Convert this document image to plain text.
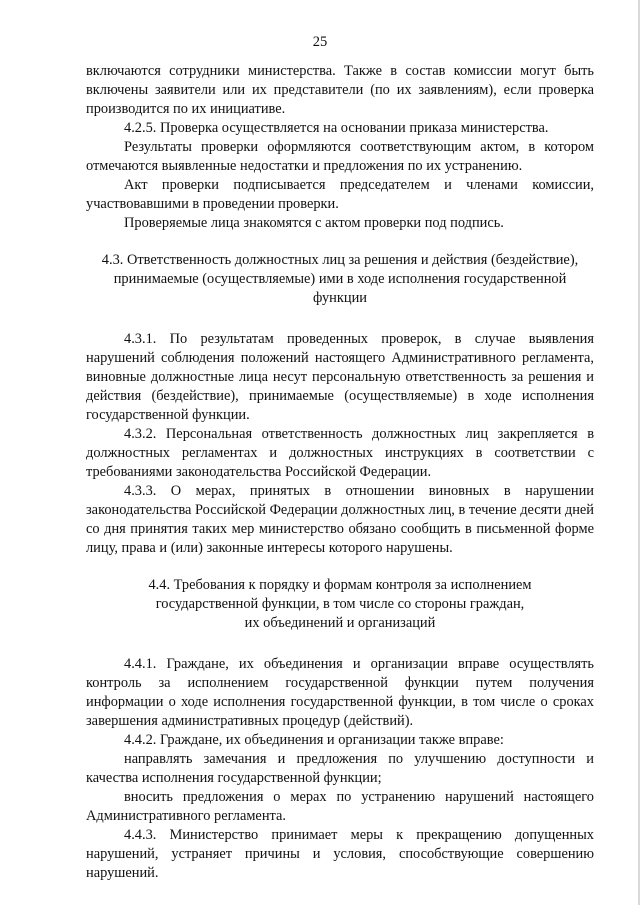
25

включаются сотрудники министерства. Также в состав комиссии могут быть включены заявители или их представители (по их заявлениям), если проверка производится по их инициативе.

4.2.5. Проверка осуществляется на основании приказа министерства.

Результаты проверки оформляются соответствующим актом, в котором отмечаются выявленные недостатки и предложения по их устранению.

Акт проверки подписывается председателем и членами комиссии, участвовавшими в проведении проверки.

Проверяемые лица знакомятся с актом проверки под подпись.

4.3. Ответственность должностных лиц за решения и действия (бездействие), принимаемые (осуществляемые) ими в ходе исполнения государственной функции

4.3.1. По результатам проведенных проверок, в случае выявления нарушений соблюдения положений настоящего Административного регламента, виновные должностные лица несут персональную ответственность за решения и действия (бездействие), принимаемые (осуществляемые) в ходе исполнения государственной функции.

4.3.2. Персональная ответственность должностных лиц закрепляется в должностных регламентах и должностных инструкциях в соответствии с требованиями законодательства Российской Федерации.

4.3.3. О мерах, принятых в отношении виновных в нарушении законодательства Российской Федерации должностных лиц, в течение десяти дней со дня принятия таких мер министерство обязано сообщить в письменной форме лицу, права и (или) законные интересы которого нарушены.

4.4. Требования к порядку и формам контроля за исполнением

государственной функции, в том числе со стороны граждан,

их объединений и организаций

4.4.1. Граждане, их объединения и организации вправе осуществлять контроль за исполнением государственной функции путем получения информации о ходе исполнения государственной функции, в том числе о сроках завершения административных процедур (действий).

4.4.2. Граждане, их объединения и организации также вправе:

направлять замечания и предложения по улучшению доступности и качества исполнения государственной функции;

вносить предложения о мерах по устранению нарушений настоящего Административного регламента.

4.4.3. Министерство принимает меры к прекращению допущенных нарушений, устраняет причины и условия, способствующие совершению нарушений.
